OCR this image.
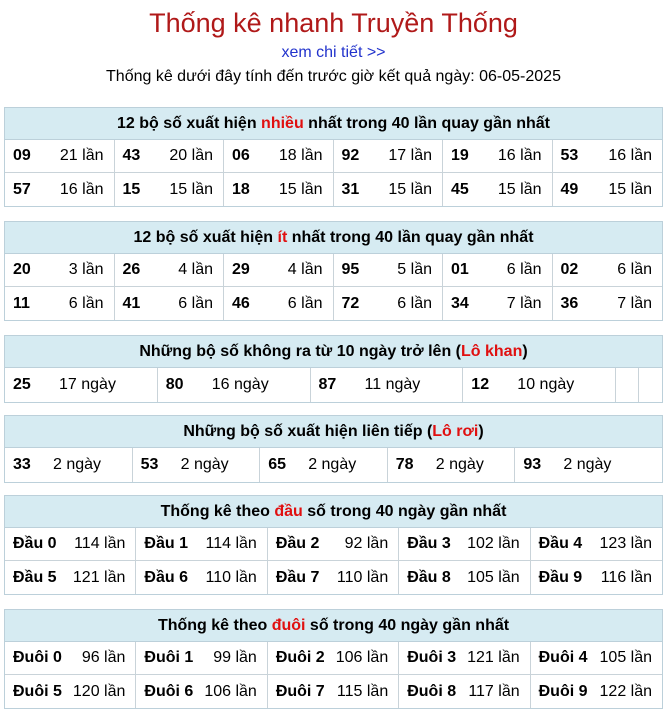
Thống kê nhanh Truyền Thống
xem chi tiết >>
Thống kê dưới đây tính đến trước giờ kết quả ngày: 06-05-2025
12 bộ số xuất hiện nhiều nhất trong 40 lần quay gần nhất
09 21 lần 43 20 lần 06 18 lần 92 17 lần 19 16 lần 53 16 lần
57 16 lần 15 15 lần 18 15 lần 31 15 lần 45 15 lần 49 15 lần
12 bộ số xuất hiện ít nhất trong 40 lần quay gần nhất
20 3 lần 26 4 lần 29 4 lần 95 5 lần 01 6 lần 02 6 lần
11 6 lần 41 6 lần 46 6 lần 72 6 lần 34 7 lần 36 7 lần
Những bộ số không ra từ 10 ngày trở lên (Lô khan)
25	17 ngày	80	16 ngày	87	11 ngày	12	10 ngày
Những bộ số xuất hiện liên tiếp (Lô rơi)
33	2 ngày 53	2 ngày 65	2 ngày 78	2 ngày 93	2 ngày
Thống kê theo đầu số trong 40 ngày gần nhất
Đầu 0 114 lần Đầu 1 114 lần Đầu 2 92 lần Đầu 3 102 lần Đầu 4 123 lần
Đầu 5 121 lần Đầu 6 110 lần Đầu 7 110 lần Đầu 8 105 lần Đầu 9 116 lần
Thống kê theo đuôi số trong 40 ngày gần nhất
Đuôi 0 96 lần Đuôi 1 99 lần Đuôi 2 106 lần Đuôi 3 121 lần Đuôi 4 105 lần
Đuôi 5 120 lần Đuôi 6 106 lần Đuôi 7 115 lần Đuôi 8 117 lần Đuôi 9 122 lần
